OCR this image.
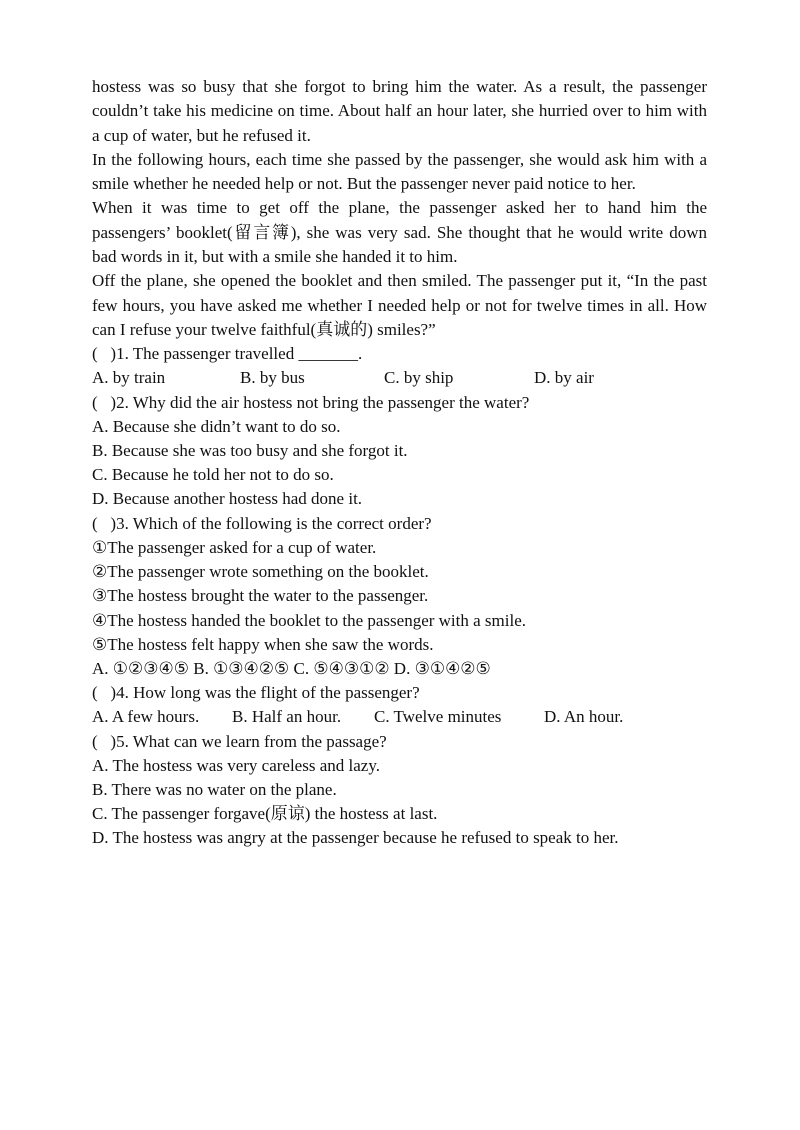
hostess was so busy that she forgot to bring him the water. As a result, the passenger couldn’t take his medicine on time. About half an hour later, she hurried over to him with a cup of water, but he refused it.

In the following hours, each time she passed by the passenger, she would ask him with a smile whether he needed help or not. But the passenger never paid notice to her.

When it was time to get off the plane, the passenger asked her to hand him the passengers’ booklet(留言簿), she was very sad. She thought that he would write down bad words in it, but with a smile she handed it to him.

Off the plane, she opened the booklet and then smiled. The passenger put it, “In the past few hours, you have asked me whether I needed help or not for twelve times in all. How can I refuse your twelve faithful(真诚的) smiles?”

(   )1. The passenger travelled _______.

A. by train	B. by bus	C. by ship	D. by air

(   )2. Why did the air hostess not bring the passenger the water?

A. Because she didn’t want to do so.

B. Because she was too busy and she forgot it.

C. Because he told her not to do so.

D. Because another hostess had done it.

(   )3. Which of the following is the correct order?

①The passenger asked for a cup of water.

②The passenger wrote something on the booklet.

③The hostess brought the water to the passenger.

④The hostess handed the booklet to the passenger with a smile.

⑤The hostess felt happy when she saw the words.

A. ①②③④⑤ B. ①③④②⑤ C. ⑤④③①② D. ③①④②⑤

(   )4. How long was the flight of the passenger?

A. A few hours.	B. Half an hour.	C. Twelve minutes	D. An hour.

(   )5. What can we learn from the passage?

A. The hostess was very careless and lazy.

B. There was no water on the plane.

C. The passenger forgave(原谅) the hostess at last.

D. The hostess was angry at the passenger because he refused to speak to her.
